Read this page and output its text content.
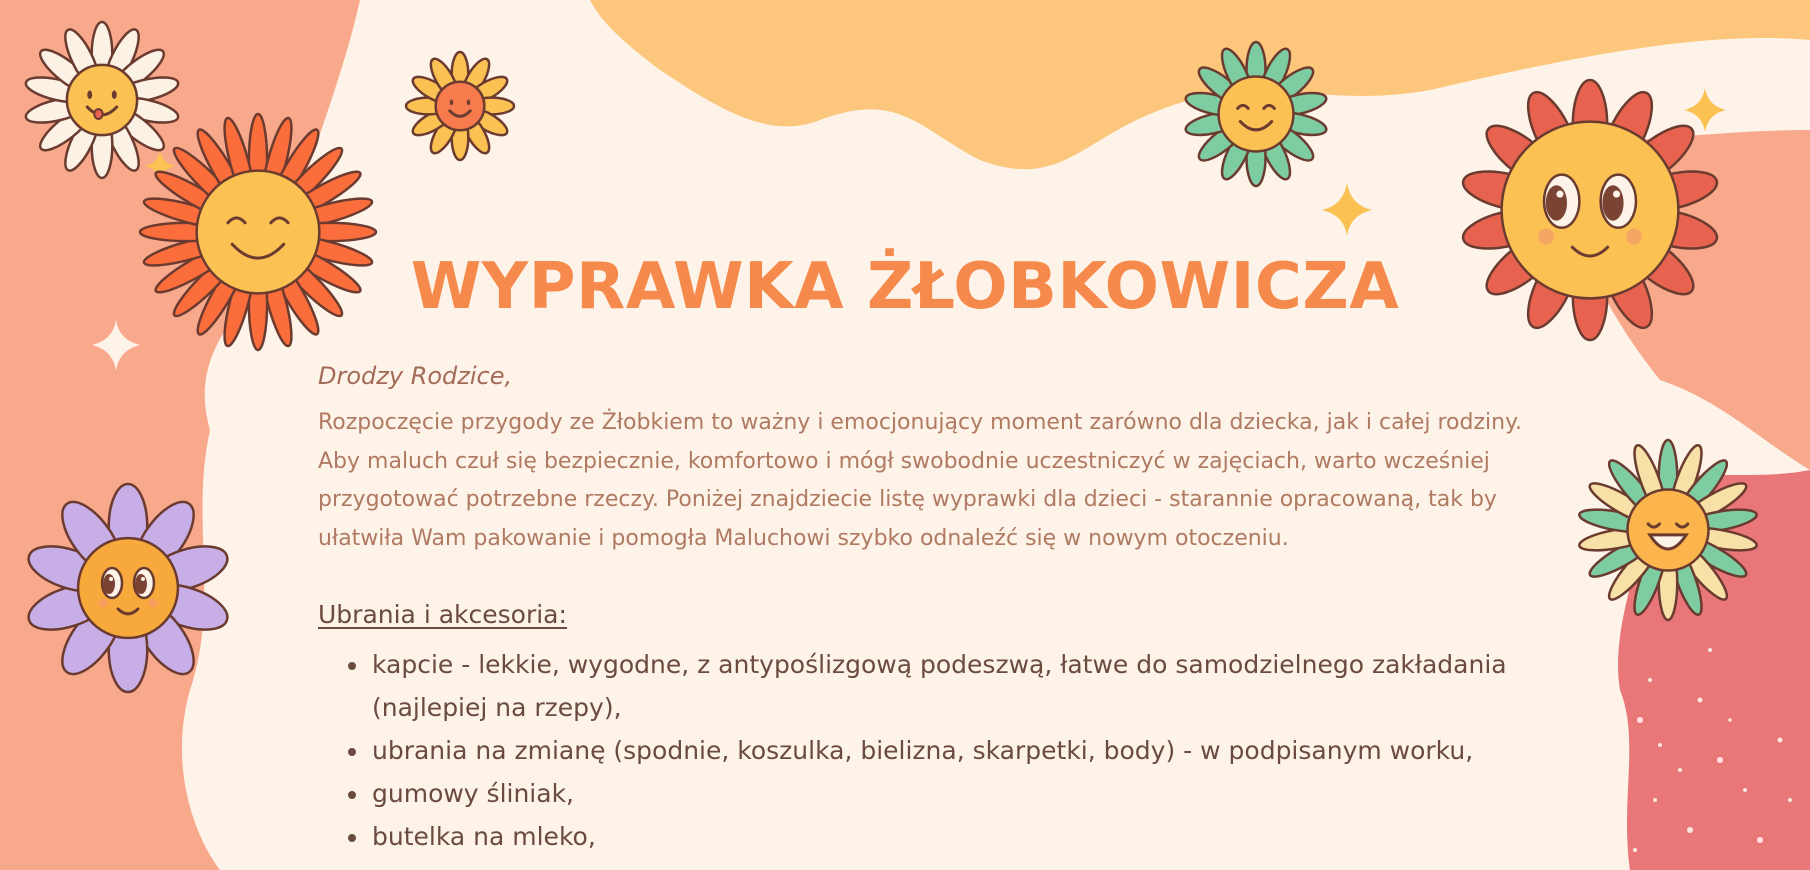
WYPRAWKA ŻŁOBKOWICZA

Drodzy Rodzice,

Rozpoczęcie przygody ze Żłobkiem to ważny i emocjonujący moment zarówno dla dziecka, jak i całej rodziny. Aby maluch czuł się bezpiecznie, komfortowo i mógł swobodnie uczestniczyć w zajęciach, warto wcześniej przygotować potrzebne rzeczy. Poniżej znajdziecie listę wyprawki dla dzieci - starannie opracowaną, tak by ułatwiła Wam pakowanie i pomogła Maluchowi szybko odnaleźć się w nowym otoczeniu.

Ubrania i akcesoria:

• kapcie - lekkie, wygodne, z antypoślizgową podeszwą, łatwe do samodzielnego zakładania (najlepiej na rzepy),
• ubrania na zmianę (spodnie, koszulka, bielizna, skarpetki, body) - w podpisanym worku,
• gumowy śliniak,
• butelka na mleko,
